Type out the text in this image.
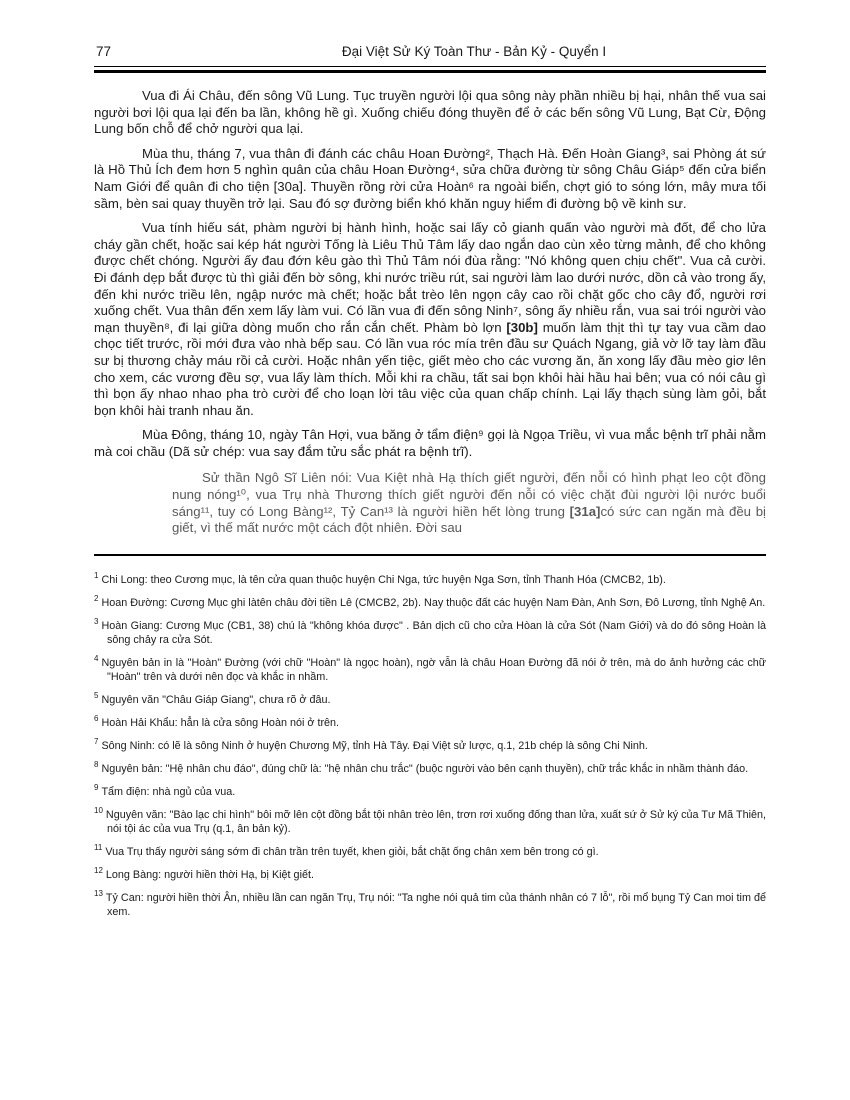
77	Đại Việt Sử Ký Toàn Thư - Bản Kỷ - Quyển I

Vua đi Ái Châu, đến sông Vũ Lung. Tục truyền người lội qua sông này phần nhiều bị hại, nhân thế vua sai người bơi lội qua lại đến ba lần, không hề gì. Xuống chiếu đóng thuyền để ở các bến sông Vũ Lung, Bạt Cừ, Động Lung bốn chỗ để chở người qua lại.

Mùa thu, tháng 7, vua thân đi đánh các châu Hoan Đường², Thạch Hà. Đến Hoàn Giang³, sai Phòng át sứ là Hồ Thủ Ích đem hơn 5 nghìn quân của châu Hoan Đường⁴, sửa chữa đường từ sông Châu Giáp⁵ đến cửa biển Nam Giới để quân đi cho tiện [30a]. Thuyền rồng rời cửa Hoàn⁶ ra ngoài biển, chợt gió to sóng lớn, mây mưa tối sầm, bèn sai quay thuyền trở lại. Sau đó sợ đường biển khó khăn nguy hiểm đi đường bộ về kinh sư.

Vua tính hiếu sát, phàm người bị hành hình, hoặc sai lấy cỏ gianh quấn vào người mà đốt, để cho lửa cháy gần chết, hoặc sai kép hát người Tống là Liêu Thủ Tâm lấy dao ngắn dao cùn xẻo từng mảnh, để cho không được chết chóng. Người ấy đau đớn kêu gào thì Thủ Tâm nói đùa rằng: "Nó không quen chịu chết". Vua cả cười. Đi đánh dẹp bắt được tù thì giải đến bờ sông, khi nước triều rút, sai người làm lao dưới nước, dồn cả vào trong ấy, đến khi nước triều lên, ngập nước mà chết; hoặc bắt trèo lên ngọn cây cao rồi chặt gốc cho cây đổ, người rơi xuống chết. Vua thân đến xem lấy làm vui. Có lần vua đi đến sông Ninh⁷, sông ấy nhiều rắn, vua sai trói người vào mạn thuyền⁸, đi lại giữa dòng muốn cho rắn cắn chết. Phàm bò lợn [30b] muốn làm thịt thì tự tay vua cầm dao chọc tiết trước, rồi mới đưa vào nhà bếp sau. Có lần vua róc mía trên đầu sư Quách Ngang, giả vờ lỡ tay làm đầu sư bị thương chảy máu rồi cả cười. Hoặc nhân yến tiệc, giết mèo cho các vương ăn, ăn xong lấy đầu mèo giơ lên cho xem, các vương đều sợ, vua lấy làm thích. Mỗi khi ra chầu, tất sai bọn khôi hài hầu hai bên; vua có nói câu gì thì bọn ấy nhao nhao pha trò cười để cho loạn lời tâu việc của quan chấp chính. Lại lấy thạch sùng làm gỏi, bắt bọn khôi hài tranh nhau ăn.

Mùa Đông, tháng 10, ngày Tân Hợi, vua băng ở tẩm điện⁹ gọi là Ngọa Triều, vì vua mắc bệnh trĩ phải nằm mà coi chầu (Dã sử chép: vua say đắm tửu sắc phát ra bệnh trĩ).

Sử thần Ngô Sĩ Liên nói: Vua Kiệt nhà Hạ thích giết người, đến nỗi có hình phạt leo cột đồng nung nóng¹⁰, vua Trụ nhà Thương thích giết người đến nỗi có việc chặt đùi người lội nước buổi sáng¹¹, tuy có Long Bàng¹², Tỷ Can¹³ là người hiền hết lòng trung [31a]có sức can ngăn mà đều bị giết, vì thế mất nước một cách đột nhiên. Đời sau

$^1$ Chi Long: theo Cương mục, là tên cửa quan thuộc huyện Chi Nga, tức huyện Nga Sơn, tỉnh Thanh Hóa (CMCB2, 1b).

$^2$ Hoan Đường: Cương Mục ghi làtên châu đời tiền Lê (CMCB2, 2b). Nay thuộc đất các huyện Nam Đàn, Anh Sơn, Đô Lương, tỉnh Nghệ An.

$^3$ Hoàn Giang: Cương Mục (CB1, 38) chú là "không khóa được" . Bản dịch cũ cho cửa Hòan là cửa Sót (Nam Giới) và do đó sông Hoàn là sông chảy ra cửa Sót.

$^4$ Nguyên bản in là "Hoàn" Đường (với chữ "Hoàn" là ngọc hoàn), ngờ vẫn là châu Hoan Đường đã nói ở trên, mà do ảnh hưởng các chữ "Hoàn" trên và dưới nên đọc và khắc in nhầm.

$^5$ Nguyên văn "Châu Giáp Giang", chưa rõ ở đâu.

$^6$ Hoàn Hải Khẩu: hẳn là cửa sông Hoàn nói ở trên.

$^7$ Sông Ninh: có lẽ là sông Ninh ở huyện Chương Mỹ, tỉnh Hà Tây. Đại Việt sử lược, q.1, 21b chép là sông Chi Ninh.

$^8$ Nguyên bản: "Hệ nhân chu đáo", đúng chữ là: "hệ nhân chu trắc" (buộc người vào bên cạnh thuyền), chữ trắc khắc in nhầm thành đáo.

$^9$ Tẩm điện: nhà ngủ của vua.

$^{10}$ Nguyên văn: "Bào lạc chi hình" bôi mỡ lên cột đồng bắt tội nhân trèo lên, trơn rơi xuống đống than lửa, xuất sứ ở Sử ký của Tư Mã Thiên, nói tội ác của vua Trụ (q.1, ân bản kỷ).

$^{11}$ Vua Trụ thấy người sáng sớm đi chân trần trên tuyết, khen giỏi, bắt chặt ống chân xem bên trong có gì.

$^{12}$ Long Bàng: người hiền thời Hạ, bị Kiệt giết.

$^{13}$ Tỷ Can: người hiền thời Ân, nhiều lần can ngăn Trụ, Trụ nói: "Ta nghe nói quả tim của thánh nhân có 7 lỗ", rồi mổ bụng Tỷ Can moi tim để xem.
